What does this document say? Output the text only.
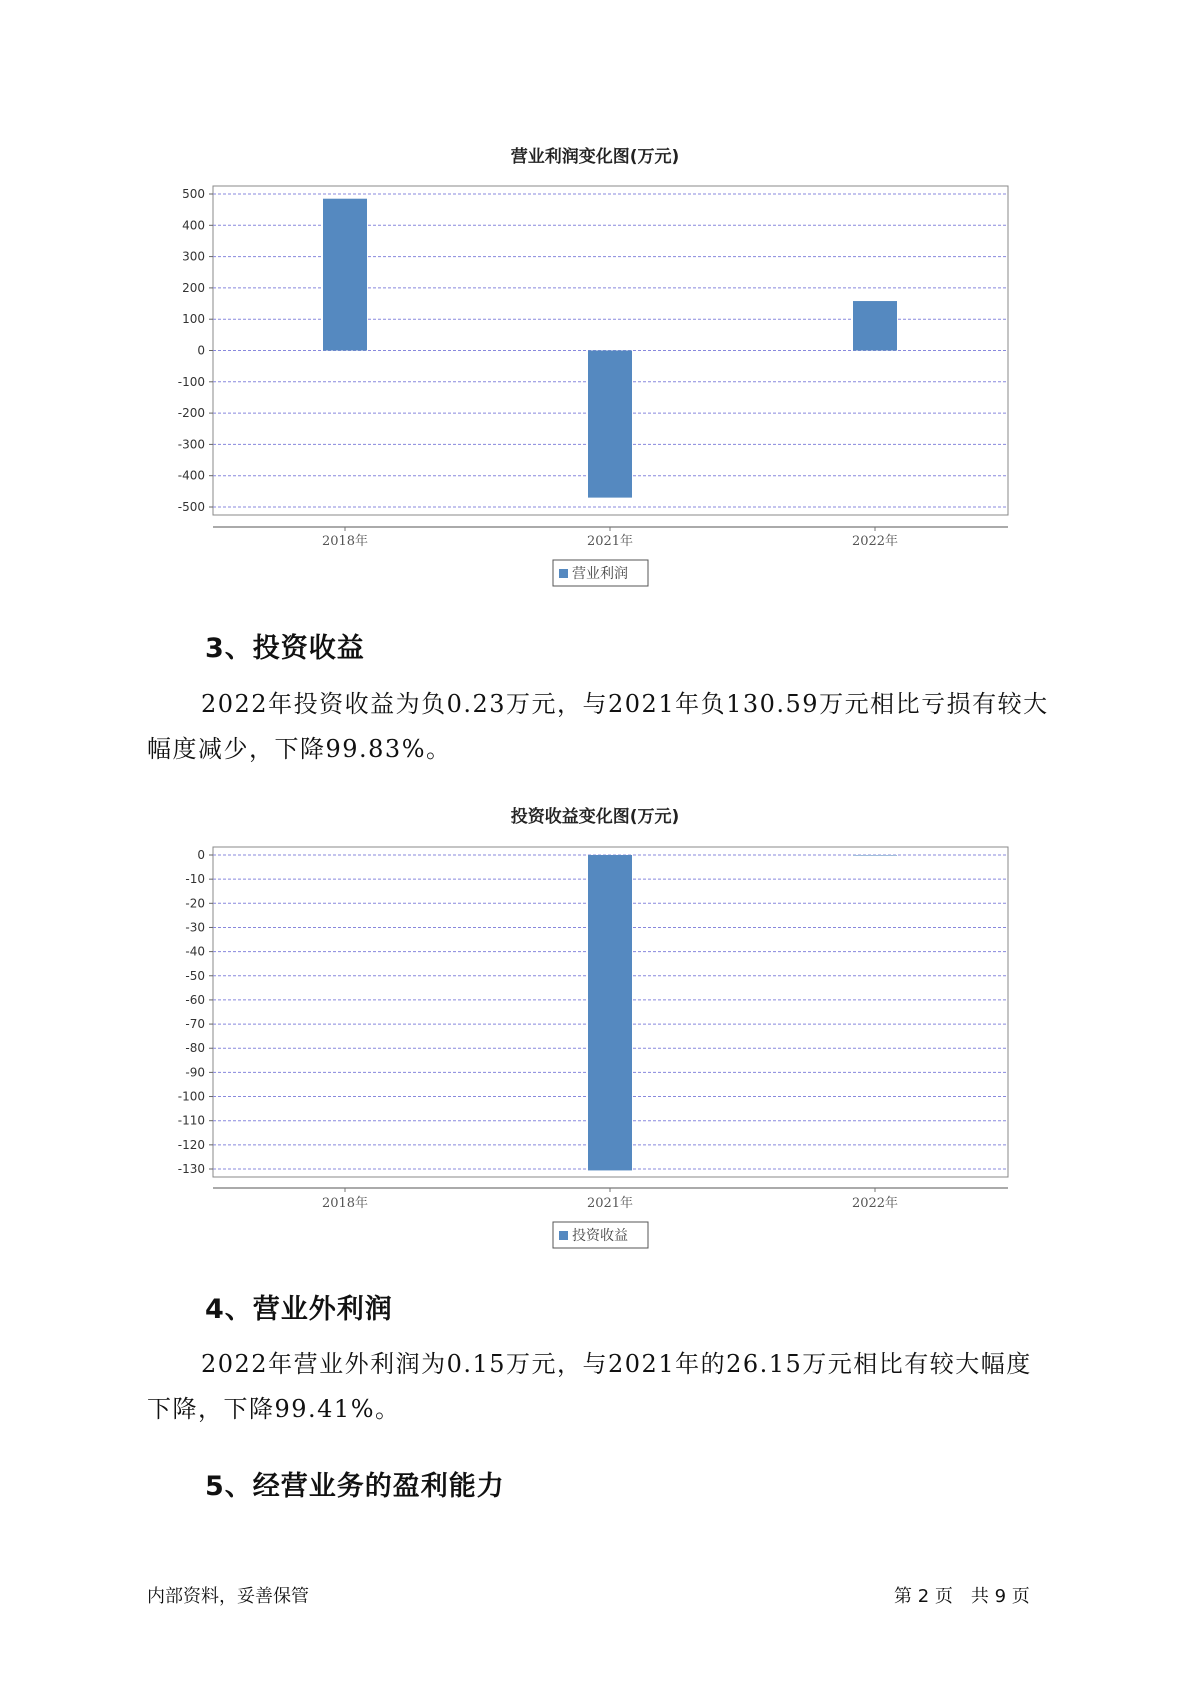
营业利润变化图(万元)
500
400
300
200
100
0
-100
-200
-300
-400
-500
2018年	2021年	2022年
营业利润
3、投资收益

2022年投资收益为负0.23万元，与2021年负130.59万元相比亏损有较大幅度减少，下降99.83%。

投资收益变化图(万元)
0
-10
-20
-30
-40
-50
-60
-70
-80
-90
-100
-110
-120
-130
2018年	2021年	2022年
投资收益
4、营业外利润

2022年营业外利润为0.15万元，与2021年的26.15万元相比有较大幅度下降，下降99.41%。

5、经营业务的盈利能力
内部资料，妥善保管	第 2 页　共 9 页
